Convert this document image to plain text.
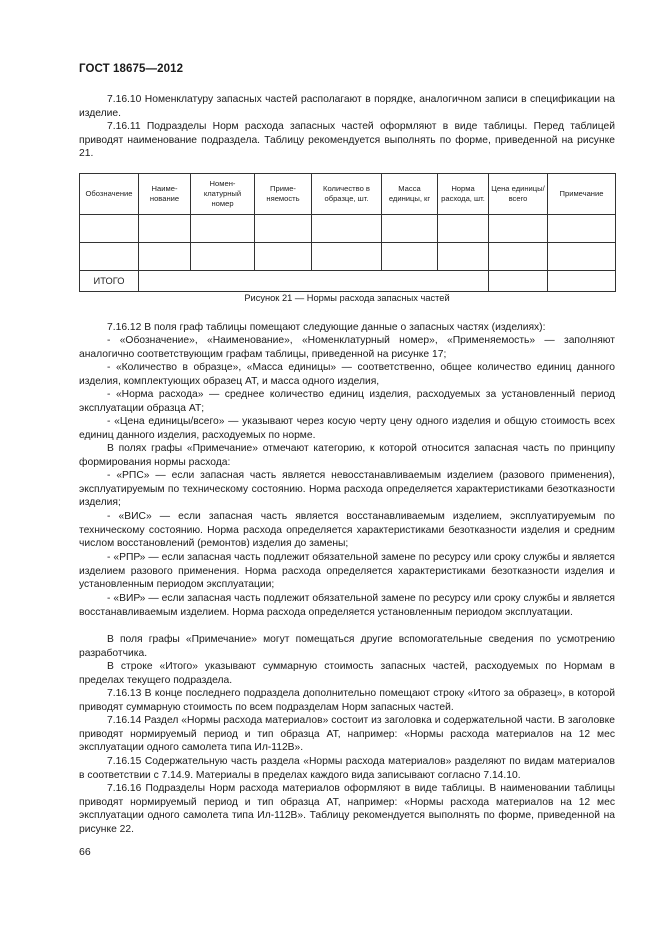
ГОСТ 18675—2012

7.16.10 Номенклатуру запасных частей располагают в порядке, аналогичном записи в спецификации на изделие.

7.16.11 Подразделы Норм расхода запасных частей оформляют в виде таблицы. Перед таблицей приводят наименование подраздела. Таблицу рекомендуется выполнять по форме, приведенной на рисунке 21.

Обозначение	Наименование	Номенклатурный номер	Применяемость	Количество в образце, шт.	Масса единицы, кг	Норма расхода, шт.	Цена единицы/ всего	Примечание

ИТОГО								
Рисунок 21 — Нормы расхода запасных частей

7.16.12 В поля граф таблицы помещают следующие данные о запасных частях (изделиях):

- «Обозначение», «Наименование», «Номенклатурный номер», «Применяемость» — заполняют аналогично соответствующим графам таблицы, приведенной на рисунке 17;

- «Количество в образце», «Масса единицы» — соответственно, общее количество единиц данного изделия, комплектующих образец АТ, и масса одного изделия,

- «Норма расхода» — среднее количество единиц изделия, расходуемых за установленный период эксплуатации образца АТ;

- «Цена единицы/всего» — указывают через косую черту цену одного изделия и общую стоимость всех единиц данного изделия, расходуемых по норме.

В полях графы «Примечание» отмечают категорию, к которой относится запасная часть по принципу формирования нормы расхода:

- «РПС» — если запасная часть является невосстанавливаемым изделием (разового применения), эксплуатируемым по техническому состоянию. Норма расхода определяется характеристиками безотказности изделия;

- «ВИС» — если запасная часть является восстанавливаемым изделием, эксплуатируемым по техническому состоянию. Норма расхода определяется характеристиками безотказности изделия и средним числом восстановлений (ремонтов) изделия до замены;

- «РПР» — если запасная часть подлежит обязательной замене по ресурсу или сроку службы и является изделием разового применения. Норма расхода определяется характеристиками безотказности изделия и установленным периодом эксплуатации;

- «ВИР» — если запасная часть подлежит обязательной замене по ресурсу или сроку службы и является восстанавливаемым изделием. Норма расхода определяется установленным периодом эксплуатации.

В поля графы «Примечание» могут помещаться другие вспомогательные сведения по усмотрению разработчика.

В строке «Итого» указывают суммарную стоимость запасных частей, расходуемых по Нормам в пределах текущего подраздела.

7.16.13 В конце последнего подраздела дополнительно помещают строку «Итого за образец», в которой приводят суммарную стоимость по всем подразделам Норм запасных частей.

7.16.14 Раздел «Нормы расхода материалов» состоит из заголовка и содержательной части. В заголовке приводят нормируемый период и тип образца АТ, например: «Нормы расхода материалов на 12 мес эксплуатации одного самолета типа Ил-112В».

7.16.15 Содержательную часть раздела «Нормы расхода материалов» разделяют по видам материалов в соответствии с 7.14.9. Материалы в пределах каждого вида записывают согласно 7.14.10.

7.16.16 Подразделы Норм расхода материалов оформляют в виде таблицы. В наименовании таблицы приводят нормируемый период и тип образца АТ, например: «Нормы расхода материалов на 12 мес эксплуатации одного самолета типа Ил-112В». Таблицу рекомендуется выполнять по форме, приведенной на рисунке 22.

66
